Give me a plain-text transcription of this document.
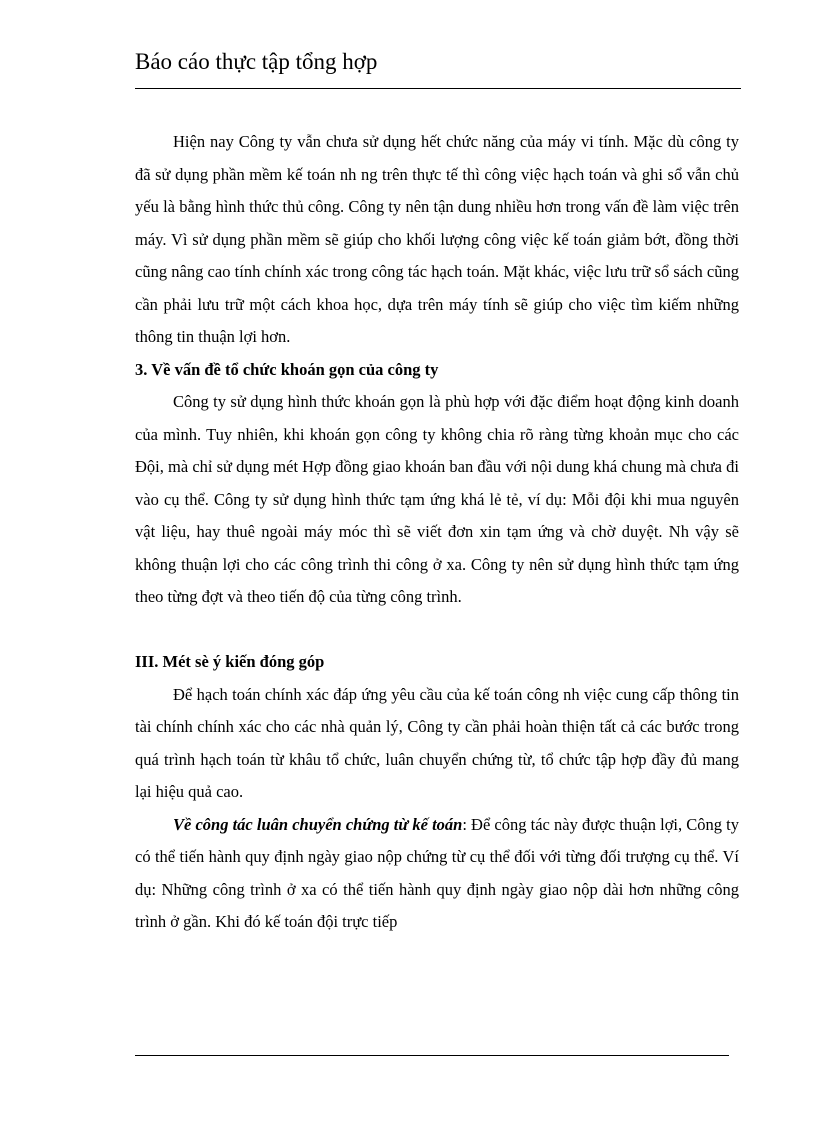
Báo cáo thực tập tổng hợp

Hiện nay Công ty vẫn chưa sử dụng hết chức năng của máy vi tính. Mặc dù công ty đã sử dụng phần mềm kế toán nh ng trên thực tế thì công việc hạch toán và ghi sổ vẫn chủ yếu là bằng hình thức thủ công. Công ty nên tận dung nhiều hơn trong vấn đề làm việc trên máy. Vì sử dụng phần mềm sẽ giúp cho khối lượng công việc kế toán giảm bớt, đồng thời cũng nâng cao tính chính xác trong công tác hạch toán. Mặt khác, việc lưu trữ sổ sách cũng cần phải lưu trữ một cách khoa học, dựa trên máy tính sẽ giúp cho việc tìm kiếm những thông tin thuận lợi hơn.

3. Về vấn đề tổ chức khoán gọn của công ty

Công ty sử dụng hình thức khoán gọn là phù hợp với đặc điểm hoạt động kinh doanh của mình. Tuy nhiên, khi khoán gọn công ty không chia rõ ràng từng khoản mục cho các Đội, mà chỉ sử dụng mét Hợp đồng giao khoán ban đầu với nội dung khá chung mà chưa đi vào cụ thể. Công ty sử dụng hình thức tạm ứng khá lẻ tẻ, ví dụ: Mỗi đội khi mua nguyên vật liệu, hay thuê ngoài máy móc thì sẽ viết đơn xin tạm ứng và chờ duyệt. Nh vậy sẽ không thuận lợi cho các công trình thi công ở xa. Công ty nên sử dụng hình thức tạm ứng theo từng đợt và theo tiến độ của từng công trình.

III. Mét sè ý kiến đóng góp

Để hạch toán chính xác đáp ứng yêu cầu của kế toán công nh việc cung cấp thông tin tài chính chính xác cho các nhà quản lý, Công ty cần phải hoàn thiện tất cả các bước trong quá trình hạch toán từ khâu tổ chức, luân chuyển chứng từ, tổ chức tập hợp đầy đủ mang lại hiệu quả cao.

Về công tác luân chuyển chứng từ kế toán: Để công tác này được thuận lợi, Công ty có thể tiến hành quy định ngày giao nộp chứng từ cụ thể đối với từng đối trượng cụ thể. Ví dụ: Những công trình ở xa có thể tiến hành quy định ngày giao nộp dài hơn những công trình ở gần. Khi đó kế toán đội trực tiếp
